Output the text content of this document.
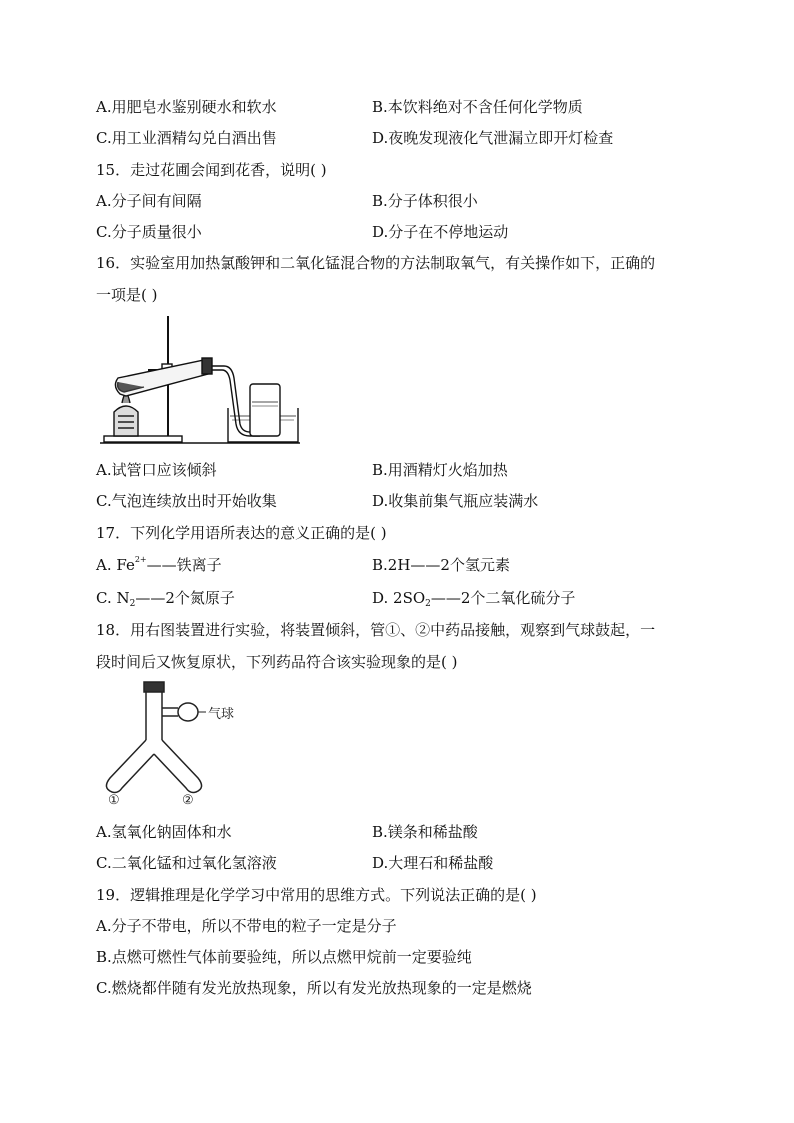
A.用肥皂水鉴别硬水和软水	B.本饮料绝对不含任何化学物质
C.用工业酒精勾兑白酒出售	D.夜晚发现液化气泄漏立即开灯检查
15．走过花圃会闻到花香，说明( )
A.分子间有间隔	B.分子体积很小
C.分子质量很小	D.分子在不停地运动
16．实验室用加热氯酸钾和二氧化锰混合物的方法制取氧气，有关操作如下，正确的
一项是( )
A.试管口应该倾斜	B.用酒精灯火焰加热
C.气泡连续放出时开始收集	D.收集前集气瓶应装满水
17．下列化学用语所表达的意义正确的是( )
A. $Fe^{2+}——$铁离子	B.2H——2个氢元素
C. $N_2——2$个氮原子	D. $2SO_2——2$个二氧化硫分子
18．用右图装置进行实验，将装置倾斜，管①、②中药品接触，观察到气球鼓起，一
段时间后又恢复原状，下列药品符合该实验现象的是( )
气球
①	②
A.氢氧化钠固体和水	B.镁条和稀盐酸
C.二氧化锰和过氧化氢溶液	D.大理石和稀盐酸
19．逻辑推理是化学学习中常用的思维方式。下列说法正确的是( )
A.分子不带电，所以不带电的粒子一定是分子
B.点燃可燃性气体前要验纯，所以点燃甲烷前一定要验纯
C.燃烧都伴随有发光放热现象，所以有发光放热现象的一定是燃烧
